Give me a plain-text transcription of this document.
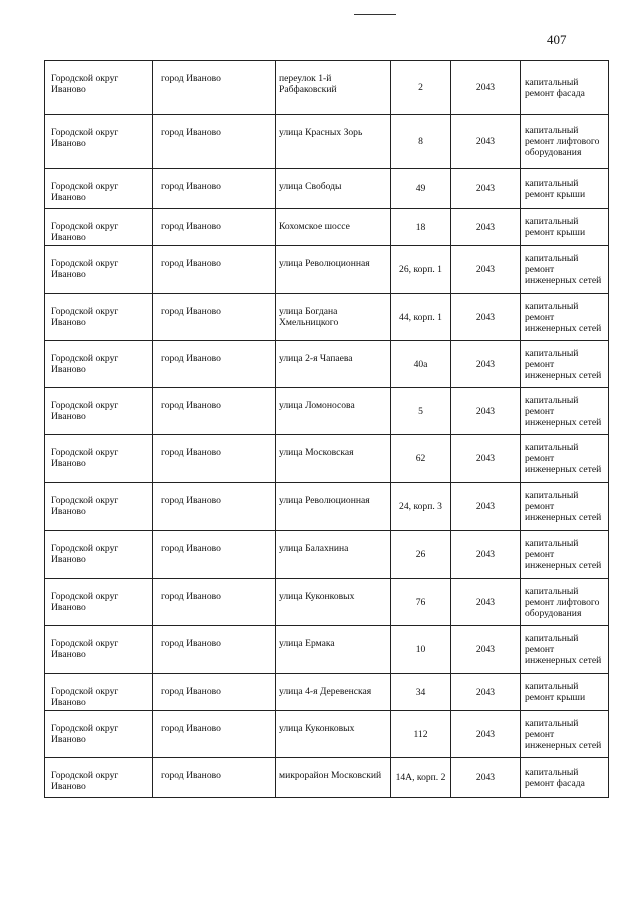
407
Городской округ Иваново	город Иваново	переулок 1-й Рабфаковский	2	2043	капитальный ремонт фасада
Городской округ Иваново	город Иваново	улица Красных Зорь	8	2043	капитальный ремонт лифтового оборудования
Городской округ Иваново	город Иваново	улица Свободы	49	2043	капитальный ремонт крыши
Городской округ Иваново	город Иваново	Кохомское шоссе	18	2043	капитальный ремонт крыши
Городской округ Иваново	город Иваново	улица Революционная	26, корп. 1	2043	капитальный ремонт инженерных сетей
Городской округ Иваново	город Иваново	улица Богдана Хмельницкого	44, корп. 1	2043	капитальный ремонт инженерных сетей
Городской округ Иваново	город Иваново	улица 2-я Чапаева	40а	2043	капитальный ремонт инженерных сетей
Городской округ Иваново	город Иваново	улица Ломоносова	5	2043	капитальный ремонт инженерных сетей
Городской округ Иваново	город Иваново	улица Московская	62	2043	капитальный ремонт инженерных сетей
Городской округ Иваново	город Иваново	улица Революционная	24, корп. 3	2043	капитальный ремонт инженерных сетей
Городской округ Иваново	город Иваново	улица Балахнина	26	2043	капитальный ремонт инженерных сетей
Городской округ Иваново	город Иваново	улица Куконковых	76	2043	капитальный ремонт лифтового оборудования
Городской округ Иваново	город Иваново	улица Ермака	10	2043	капитальный ремонт инженерных сетей
Городской округ Иваново	город Иваново	улица 4-я Деревенская	34	2043	капитальный ремонт крыши
Городской округ Иваново	город Иваново	улица Куконковых	112	2043	капитальный ремонт инженерных сетей
Городской округ Иваново	город Иваново	микрорайон Московский	14А, корп. 2	2043	капитальный ремонт фасада
